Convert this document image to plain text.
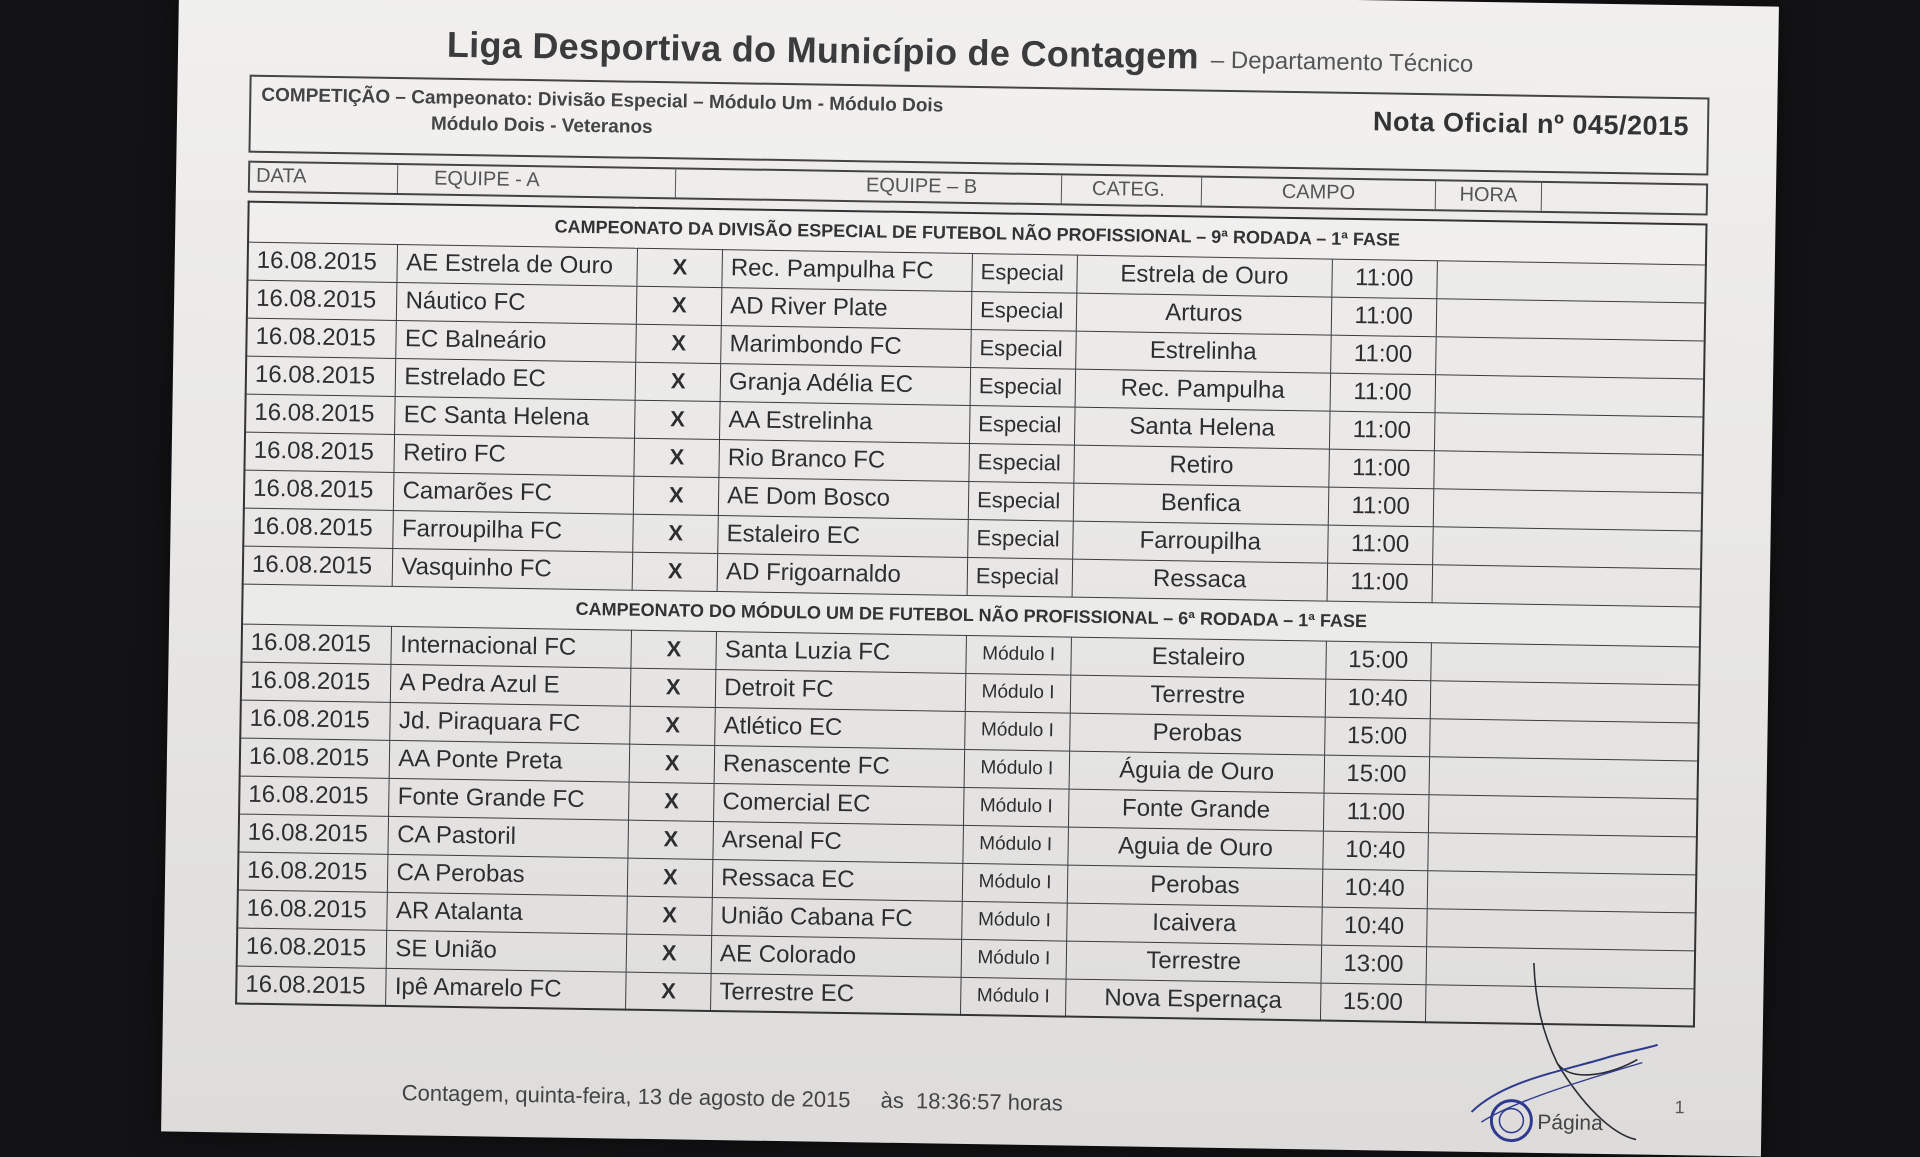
Liga Desportiva do Município de Contagem – Departamento Técnico
COMPETIÇÃO – Campeonato: Divisão Especial – Módulo Um - Módulo Dois
Módulo Dois - Veteranos	Nota Oficial nº 045/2015
DATA	EQUIPE - A	EQUIPE – B	CATEG.	CAMPO	HORA
CAMPEONATO DA DIVISÃO ESPECIAL DE FUTEBOL NÃO PROFISSIONAL – 9ª RODADA – 1ª FASE							
16.08.2015	AE Estrela de Ouro	X	Rec. Pampulha FC	Especial	Estrela de Ouro	11:00	
16.08.2015	Náutico FC	X	AD River Plate	Especial	Arturos	11:00	
16.08.2015	EC Balneário	X	Marimbondo FC	Especial	Estrelinha	11:00	
16.08.2015	Estrelado EC	X	Granja Adélia EC	Especial	Rec. Pampulha	11:00	
16.08.2015	EC Santa Helena	X	AA Estrelinha	Especial	Santa Helena	11:00	
16.08.2015	Retiro FC	X	Rio Branco FC	Especial	Retiro	11:00	
16.08.2015	Camarões FC	X	AE Dom Bosco	Especial	Benfica	11:00	
16.08.2015	Farroupilha FC	X	Estaleiro EC	Especial	Farroupilha	11:00	
16.08.2015	Vasquinho FC	X	AD Frigoarnaldo	Especial	Ressaca	11:00	
CAMPEONATO DO MÓDULO UM DE FUTEBOL NÃO PROFISSIONAL – 6ª RODADA – 1ª FASE							
16.08.2015	Internacional FC	X	Santa Luzia FC	Módulo I	Estaleiro	15:00	
16.08.2015	A Pedra Azul E	X	Detroit FC	Módulo I	Terrestre	10:40	
16.08.2015	Jd. Piraquara FC	X	Atlético EC	Módulo I	Perobas	15:00	
16.08.2015	AA Ponte Preta	X	Renascente FC	Módulo I	Águia de Ouro	15:00	
16.08.2015	Fonte Grande FC	X	Comercial EC	Módulo I	Fonte Grande	11:00	
16.08.2015	CA Pastoril	X	Arsenal FC	Módulo I	Aguia de Ouro	10:40	
16.08.2015	CA Perobas	X	Ressaca EC	Módulo I	Perobas	10:40	
16.08.2015	AR Atalanta	X	União Cabana FC	Módulo I	Icaivera	10:40	
16.08.2015	SE União	X	AE Colorado	Módulo I	Terrestre	13:00	
16.08.2015	Ipê Amarelo FC	X	Terrestre EC	Módulo I	Nova Espernaça	15:00	
Contagem, quinta-feira, 13 de agosto de 2015 às 18:36:57 horas
Página
1
